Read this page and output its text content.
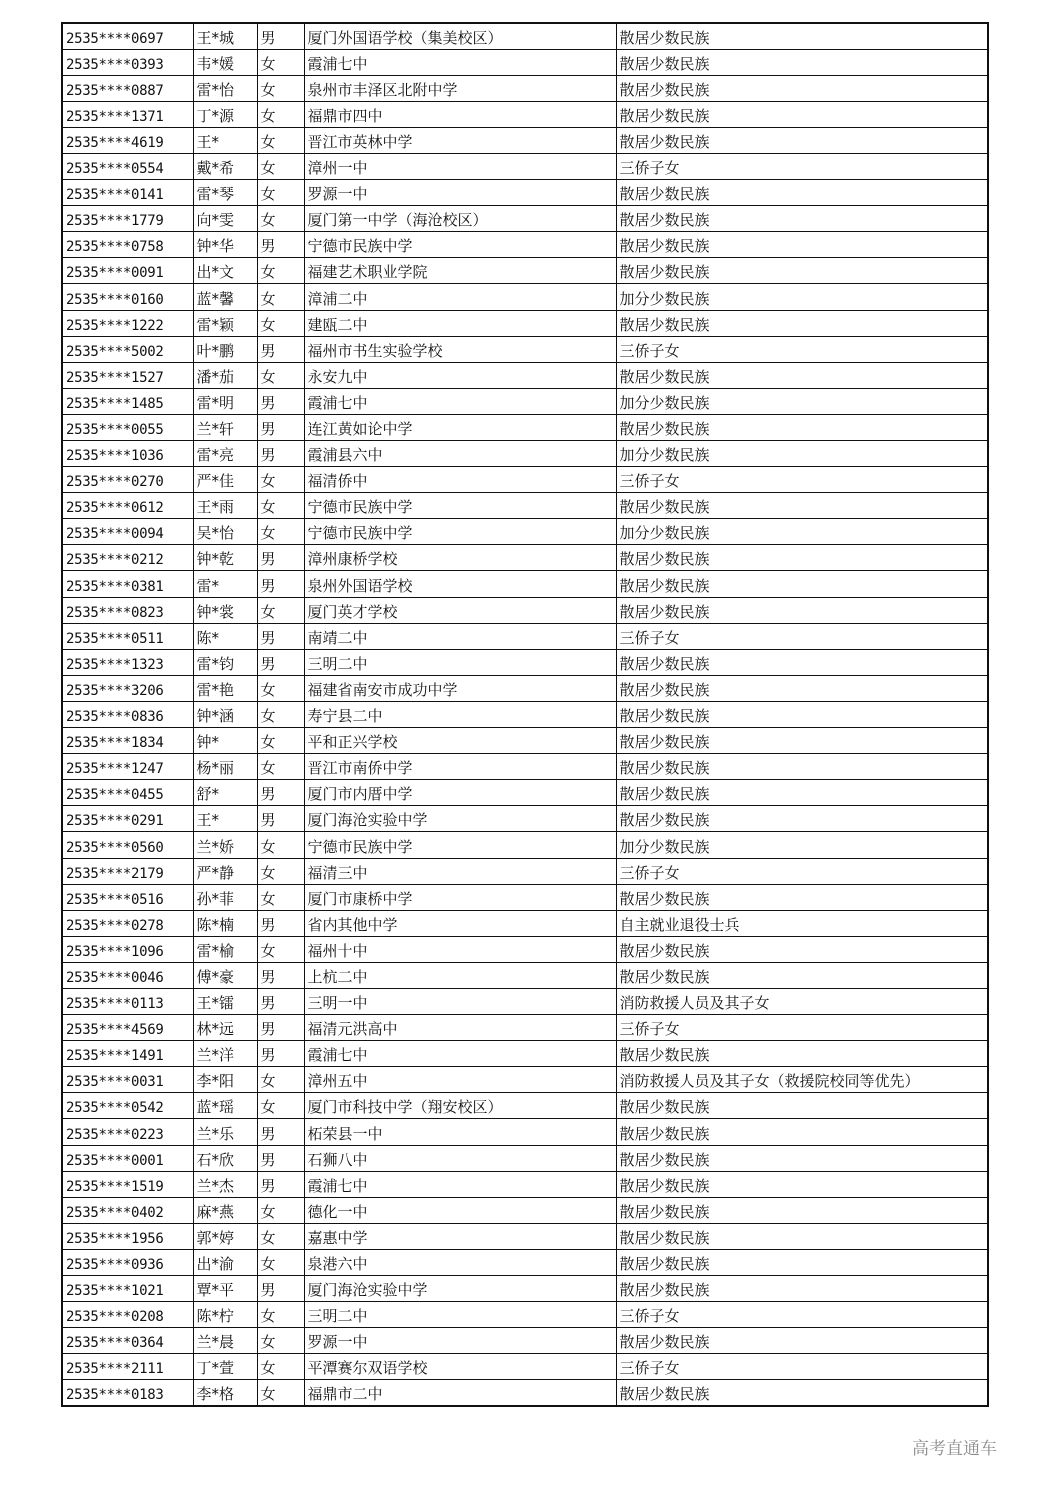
2535****0697	王*城	男	厦门外国语学校（集美校区）	散居少数民族
2535****0393	韦*媛	女	霞浦七中	散居少数民族
2535****0887	雷*怡	女	泉州市丰泽区北附中学	散居少数民族
2535****1371	丁*源	女	福鼎市四中	散居少数民族
2535****4619	王*	女	晋江市英林中学	散居少数民族
2535****0554	戴*希	女	漳州一中	三侨子女
2535****0141	雷*琴	女	罗源一中	散居少数民族
2535****1779	向*雯	女	厦门第一中学（海沧校区）	散居少数民族
2535****0758	钟*华	男	宁德市民族中学	散居少数民族
2535****0091	出*文	女	福建艺术职业学院	散居少数民族
2535****0160	蓝*馨	女	漳浦二中	加分少数民族
2535****1222	雷*颖	女	建瓯二中	散居少数民族
2535****5002	叶*鹏	男	福州市书生实验学校	三侨子女
2535****1527	潘*茄	女	永安九中	散居少数民族
2535****1485	雷*明	男	霞浦七中	加分少数民族
2535****0055	兰*轩	男	连江黄如论中学	散居少数民族
2535****1036	雷*亮	男	霞浦县六中	加分少数民族
2535****0270	严*佳	女	福清侨中	三侨子女
2535****0612	王*雨	女	宁德市民族中学	散居少数民族
2535****0094	吴*怡	女	宁德市民族中学	加分少数民族
2535****0212	钟*乾	男	漳州康桥学校	散居少数民族
2535****0381	雷*	男	泉州外国语学校	散居少数民族
2535****0823	钟*裳	女	厦门英才学校	散居少数民族
2535****0511	陈*	男	南靖二中	三侨子女
2535****1323	雷*钧	男	三明二中	散居少数民族
2535****3206	雷*艳	女	福建省南安市成功中学	散居少数民族
2535****0836	钟*涵	女	寿宁县二中	散居少数民族
2535****1834	钟*	女	平和正兴学校	散居少数民族
2535****1247	杨*丽	女	晋江市南侨中学	散居少数民族
2535****0455	舒*	男	厦门市内厝中学	散居少数民族
2535****0291	王*	男	厦门海沧实验中学	散居少数民族
2535****0560	兰*娇	女	宁德市民族中学	加分少数民族
2535****2179	严*静	女	福清三中	三侨子女
2535****0516	孙*菲	女	厦门市康桥中学	散居少数民族
2535****0278	陈*楠	男	省内其他中学	自主就业退役士兵
2535****1096	雷*榆	女	福州十中	散居少数民族
2535****0046	傅*豪	男	上杭二中	散居少数民族
2535****0113	王*镭	男	三明一中	消防救援人员及其子女
2535****4569	林*远	男	福清元洪高中	三侨子女
2535****1491	兰*洋	男	霞浦七中	散居少数民族
2535****0031	李*阳	女	漳州五中	消防救援人员及其子女（救援院校同等优先）
2535****0542	蓝*瑶	女	厦门市科技中学（翔安校区）	散居少数民族
2535****0223	兰*乐	男	柘荣县一中	散居少数民族
2535****0001	石*欣	男	石狮八中	散居少数民族
2535****1519	兰*杰	男	霞浦七中	散居少数民族
2535****0402	麻*燕	女	德化一中	散居少数民族
2535****1956	郭*婷	女	嘉惠中学	散居少数民族
2535****0936	出*渝	女	泉港六中	散居少数民族
2535****1021	覃*平	男	厦门海沧实验中学	散居少数民族
2535****0208	陈*柠	女	三明二中	三侨子女
2535****0364	兰*晨	女	罗源一中	散居少数民族
2535****2111	丁*萱	女	平潭赛尔双语学校	三侨子女
2535****0183	李*格	女	福鼎市二中	散居少数民族
高考直通车
